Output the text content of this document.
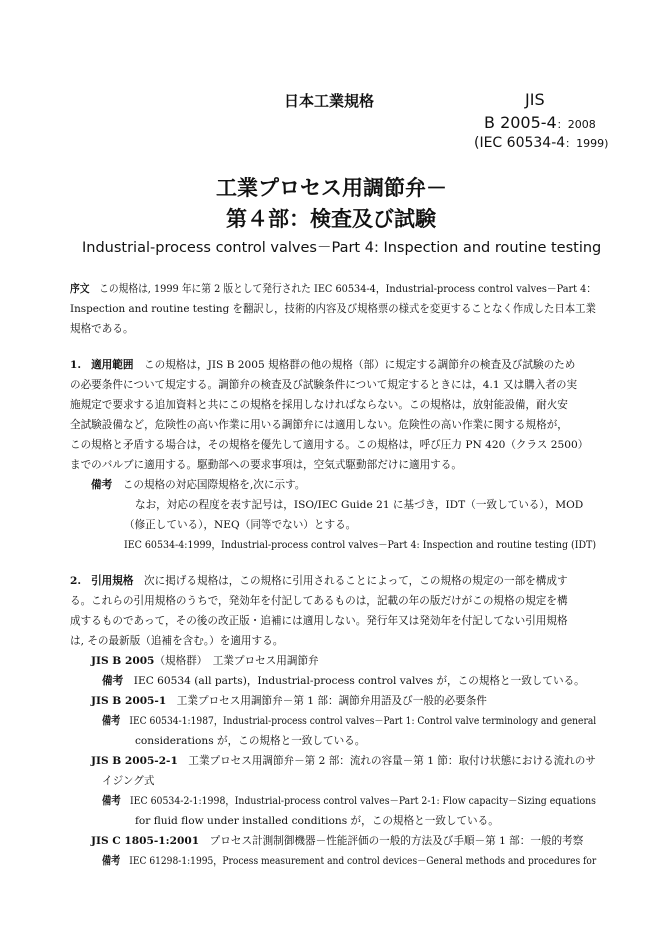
日本工業規格	JIS
B 2005-4：2008
(IEC 60534-4：1999)
工業プロセス用調節弁－
第４部：検査及び試験
Industrial-process control valves－Part 4: Inspection and routine testing
序文　 この規格は, 1999 年に第 2 版として発行された IEC 60534-4，Industrial-process control valves－Part 4：
Inspection and routine testing を翻訳し，技術的内容及び規格票の様式を変更することなく作成した日本工業
規格である。
1. 適用範囲　 この規格は，JIS B 2005 規格群の他の規格（部）に規定する調節弁の検査及び試験のため
の必要条件について規定する。調節弁の検査及び試験条件について規定するときには，4.1 又は購入者の実
施規定で要求する追加資料と共にこの規格を採用しなければならない。この規格は，放射能設備，耐火安
全試験設備など，危険性の高い作業に用いる調節弁には適用しない。危険性の高い作業に関する規格が，
この規格と矛盾する場合は，その規格を優先して適用する。この規格は，呼び圧力 PN 420（クラス 2500）
までのバルブに適用する。駆動部への要求事項は，空気式駆動部だけに適用する。
備考　 この規格の対応国際規格を,次に示す。
なお，対応の程度を表す記号は，ISO/IEC Guide 21 に基づき，IDT（一致している），MOD
（修正している），NEQ（同等でない）とする。
IEC 60534-4:1999，Industrial-process control valves－Part 4: Inspection and routine testing (IDT)
2. 引用規格　 次に掲げる規格は，この規格に引用されることによって，この規格の規定の一部を構成す
る。これらの引用規格のうちで，発効年を付記してあるものは，記載の年の版だけがこの規格の規定を構
成するものであって，その後の改正版・追補には適用しない。発行年又は発効年を付記してない引用規格
は, その最新版（追補を含む。）を適用する。
JIS B 2005（規格群）　工業プロセス用調節弁
備考　 IEC 60534 (all parts)，Industrial-process control valves が，この規格と一致している。
JIS B 2005-1　 工業プロセス用調節弁－第 1 部：調節弁用語及び一般的必要条件
備考　 IEC 60534-1:1987，Industrial-process control valves－Part 1: Control valve terminology and general
considerations が，この規格と一致している。
JIS B 2005-2-1　 工業プロセス用調節弁－第 2 部：流れの容量－第 1 節：取付け状態における流れのサ
イジング式
備考　 IEC 60534-2-1:1998，Industrial-process control valves－Part 2-1: Flow capacity－Sizing equations
for fluid flow under installed conditions が，この規格と一致している。
JIS C 1805-1:2001　 プロセス計測制御機器－性能評価の一般的方法及び手順－第 1 部：一般的考察
備考　 IEC 61298-1:1995，Process measurement and control devices－General methods and procedures for
